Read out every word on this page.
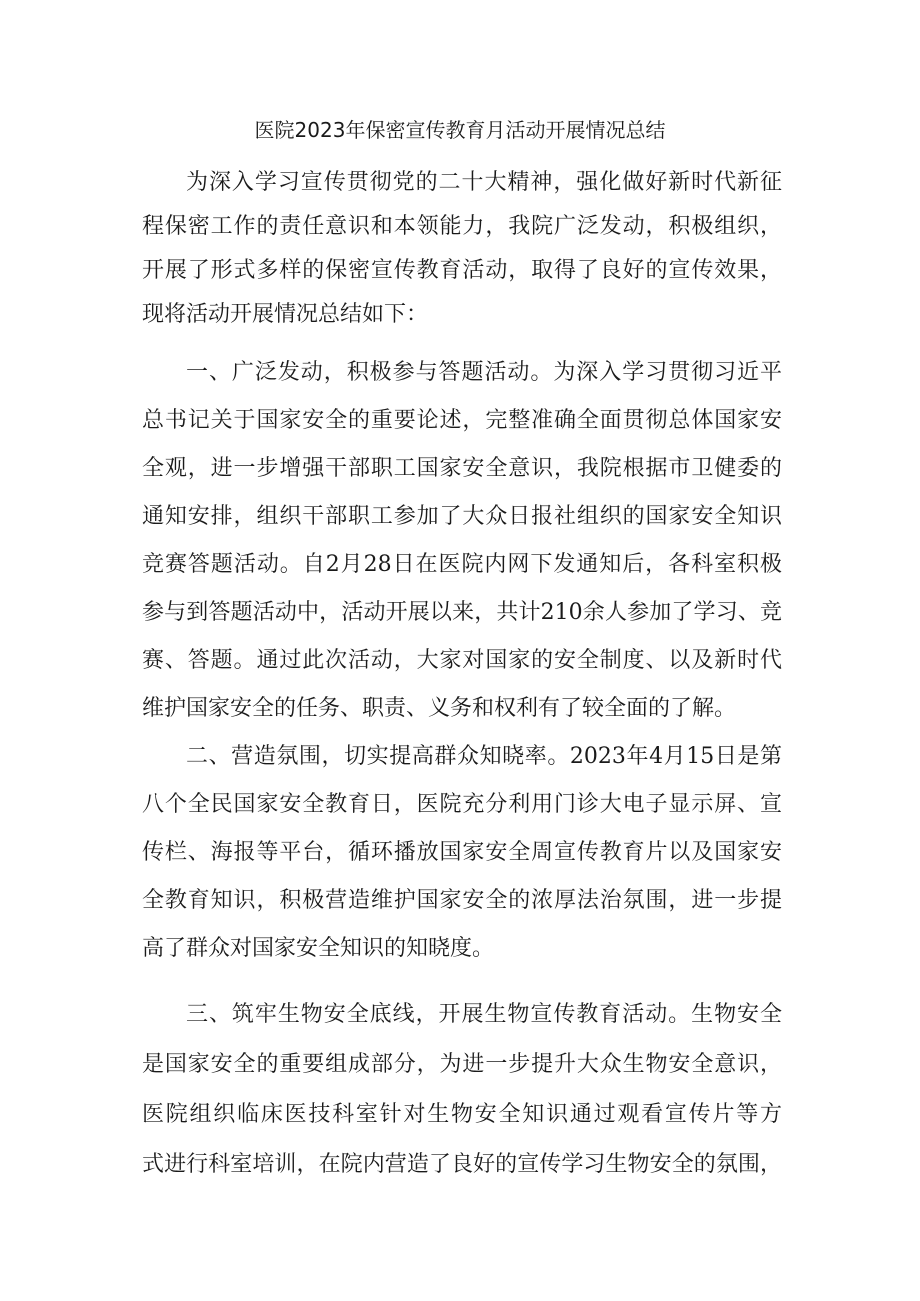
医院2023年保密宣传教育月活动开展情况总结
为深入学习宣传贯彻党的二十大精神，强化做好新时代新征
程保密工作的责任意识和本领能力，我院广泛发动，积极组织，
开展了形式多样的保密宣传教育活动，取得了良好的宣传效果，
现将活动开展情况总结如下：
一、广泛发动，积极参与答题活动。为深入学习贯彻习近平
总书记关于国家安全的重要论述，完整准确全面贯彻总体国家安
全观，进一步增强干部职工国家安全意识，我院根据市卫健委的
通知安排，组织干部职工参加了大众日报社组织的国家安全知识
竞赛答题活动。自2月28日在医院内网下发通知后，各科室积极
参与到答题活动中，活动开展以来，共计210余人参加了学习、竞
赛、答题。通过此次活动，大家对国家的安全制度、以及新时代
维护国家安全的任务、职责、义务和权利有了较全面的了解。
二、营造氛围，切实提高群众知晓率。2023年4月15日是第
八个全民国家安全教育日，医院充分利用门诊大电子显示屏、宣
传栏、海报等平台，循环播放国家安全周宣传教育片以及国家安
全教育知识，积极营造维护国家安全的浓厚法治氛围，进一步提
高了群众对国家安全知识的知晓度。
三、筑牢生物安全底线，开展生物宣传教育活动。生物安全
是国家安全的重要组成部分，为进一步提升大众生物安全意识，
医院组织临床医技科室针对生物安全知识通过观看宣传片等方
式进行科室培训，在院内营造了良好的宣传学习生物安全的氛围，
